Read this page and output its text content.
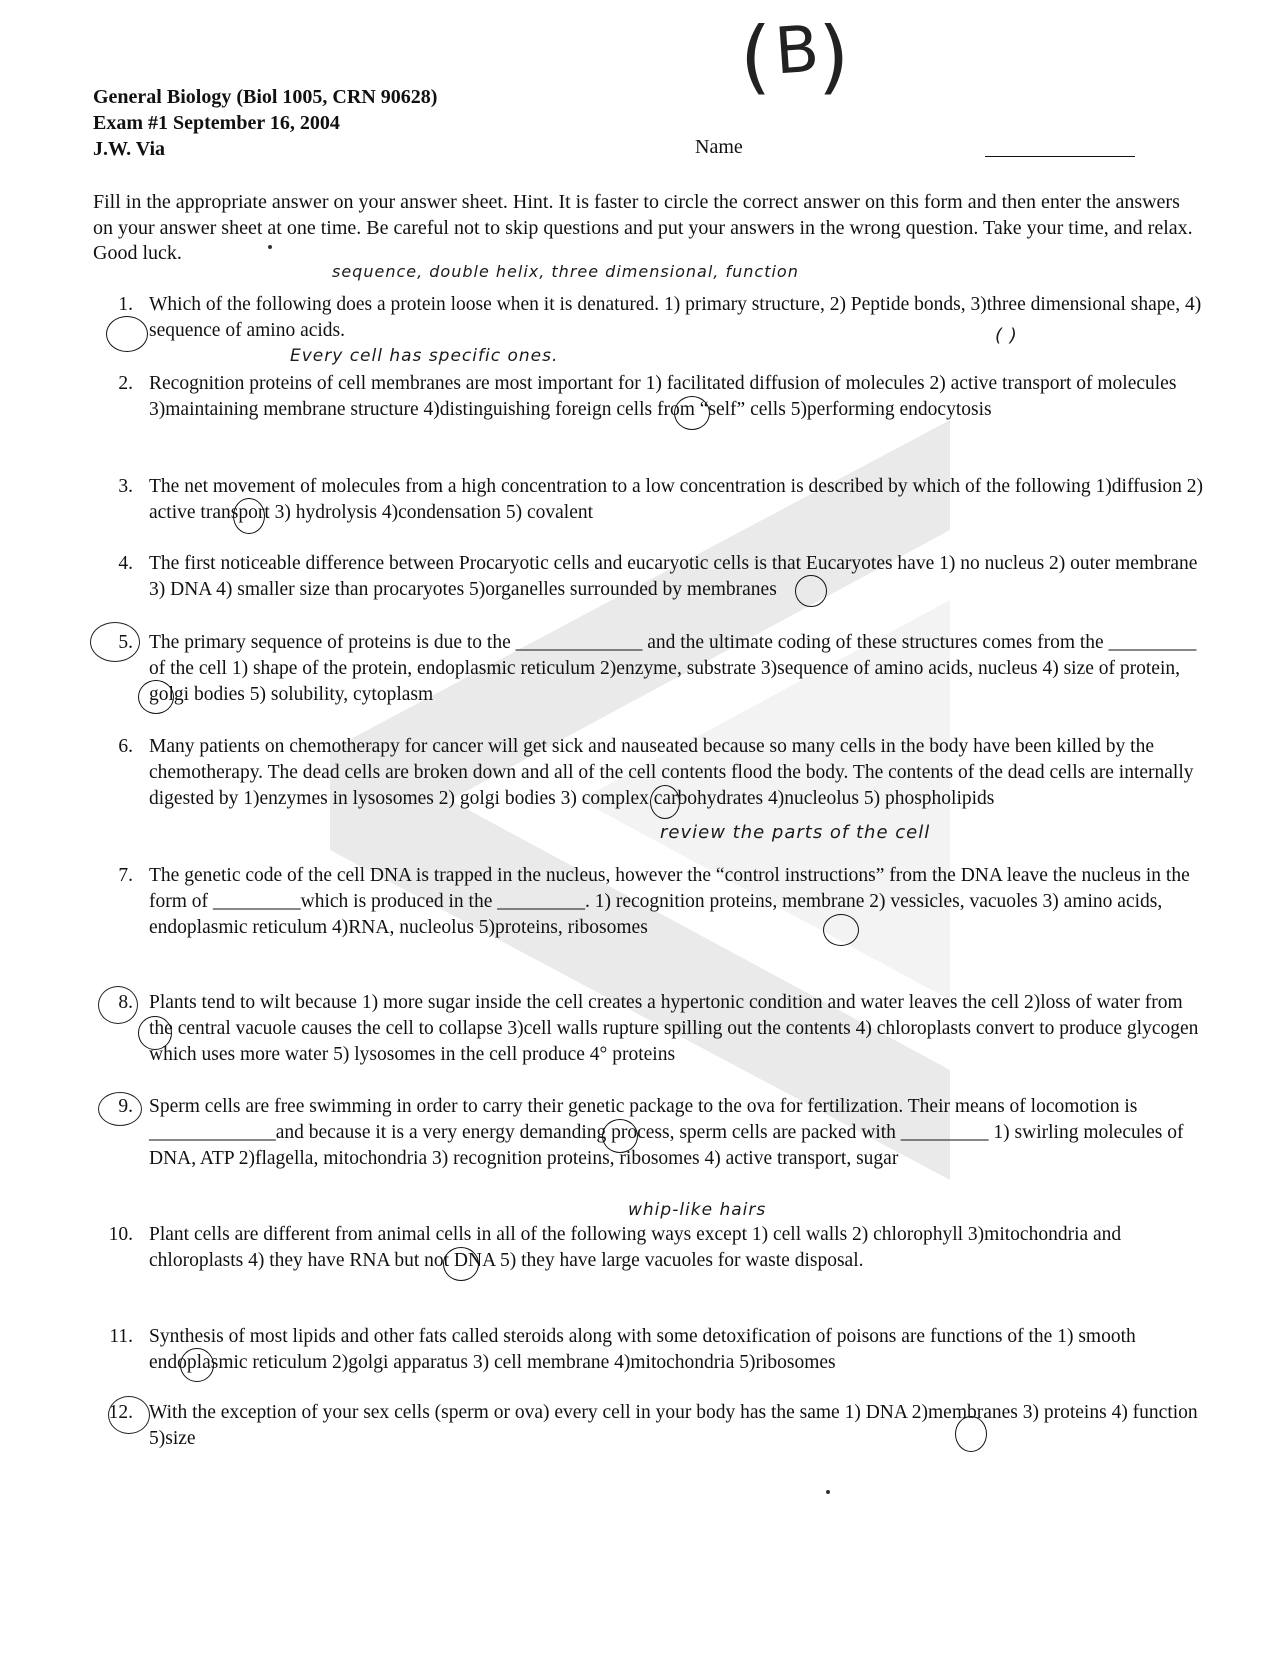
( B
)
General Biology (Biol 1005, CRN 90628)
Exam #1 September 16, 2004
J.W. Via	Name
Fill in the appropriate answer on your answer sheet. Hint. It is faster to circle the correct answer on this form and then enter the answers on your answer sheet at one time. Be careful not to skip questions and put your answers in the wrong question. Take your time, and relax. Good luck.
sequence, double helix, three dimensional, function
Every cell has specific ones.
review the parts of the cell
whip-like hairs
( )
1. Which of the following does a protein loose when it is denatured. 1) primary structure, 2) Peptide bonds, 3)three dimensional shape, 4) sequence of amino acids.
2. Recognition proteins of cell membranes are most important for 1) facilitated diffusion of molecules 2) active transport of molecules 3)maintaining membrane structure 4)distinguishing foreign cells from “self” cells 5)performing endocytosis
3. The net movement of molecules from a high concentration to a low concentration is described by which of the following 1)diffusion 2) active transport 3) hydrolysis 4)condensation 5) covalent
4. The first noticeable difference between Procaryotic cells and eucaryotic cells is that Eucaryotes have 1) no nucleus 2) outer membrane 3) DNA 4) smaller size than procaryotes 5)organelles surrounded by membranes
5. The primary sequence of proteins is due to the _____________ and the ultimate coding of these structures comes from the _________ of the cell 1) shape of the protein, endoplasmic reticulum 2)enzyme, substrate 3)sequence of amino acids, nucleus 4) size of protein, golgi bodies 5) solubility, cytoplasm
6. Many patients on chemotherapy for cancer will get sick and nauseated because so many cells in the body have been killed by the chemotherapy. The dead cells are broken down and all of the cell contents flood the body. The contents of the dead cells are internally digested by 1)enzymes in lysosomes 2) golgi bodies 3) complex carbohydrates 4)nucleolus 5) phospholipids
7. The genetic code of the cell DNA is trapped in the nucleus, however the “control instructions” from the DNA leave the nucleus in the form of _________which is produced in the _________. 1) recognition proteins, membrane 2) vessicles, vacuoles 3) amino acids, endoplasmic reticulum 4)RNA, nucleolus 5)proteins, ribosomes
8. Plants tend to wilt because 1) more sugar inside the cell creates a hypertonic condition and water leaves the cell 2)loss of water from the central vacuole causes the cell to collapse 3)cell walls rupture spilling out the contents 4) chloroplasts convert to produce glycogen which uses more water 5) lysosomes in the cell produce 4° proteins
9. Sperm cells are free swimming in order to carry their genetic package to the ova for fertilization. Their means of locomotion is _____________and because it is a very energy demanding process, sperm cells are packed with _________ 1) swirling molecules of DNA, ATP 2)flagella, mitochondria 3) recognition proteins, ribosomes 4) active transport, sugar
10. Plant cells are different from animal cells in all of the following ways except 1) cell walls 2) chlorophyll 3)mitochondria and chloroplasts 4) they have RNA but not DNA 5) they have large vacuoles for waste disposal.
11. Synthesis of most lipids and other fats called steroids along with some detoxification of poisons are functions of the 1) smooth endoplasmic reticulum 2)golgi apparatus 3) cell membrane 4)mitochondria 5)ribosomes
12. With the exception of your sex cells (sperm or ova) every cell in your body has the same 1) DNA 2)membranes 3) proteins 4) function 5)size
